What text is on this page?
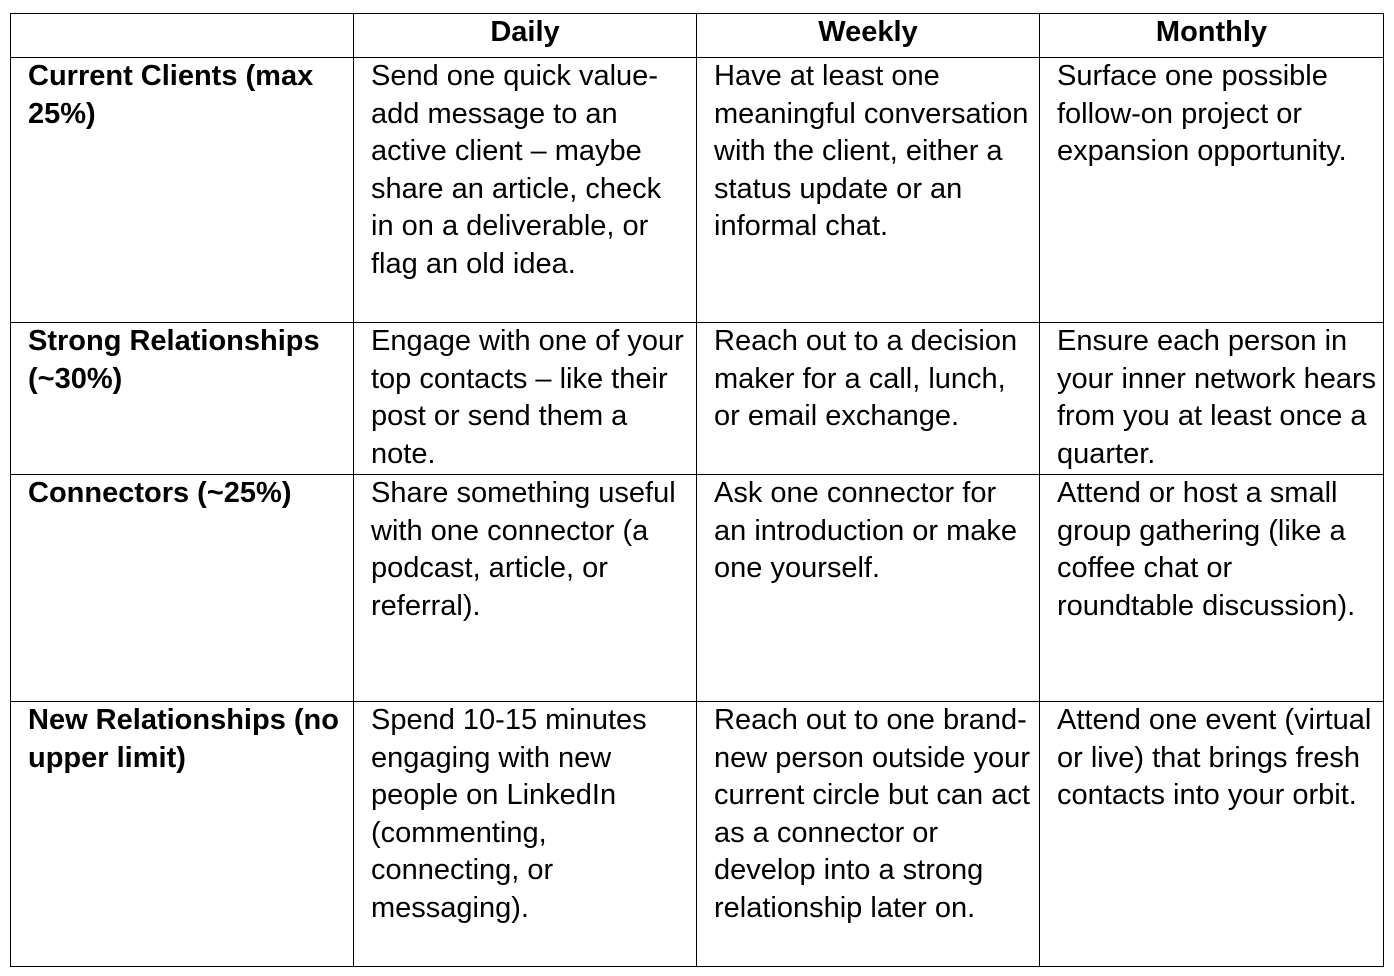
	Daily	Weekly	Monthly
Current Clients (max 25%)	Send one quick value-add message to an active client – maybe share an article, check in on a deliverable, or flag an old idea.	Have at least one meaningful conversation with the client, either a status update or an informal chat.	Surface one possible follow-on project or expansion opportunity.
Strong Relationships (~30%)	Engage with one of your top contacts – like their post or send them a note.	Reach out to a decision maker for a call, lunch, or email exchange.	Ensure each person in your inner network hears from you at least once a quarter.
Connectors (~25%)	Share something useful with one connector (a podcast, article, or referral).	Ask one connector for an introduction or make one yourself.	Attend or host a small group gathering (like a coffee chat or roundtable discussion).
New Relationships (no upper limit)	Spend 10-15 minutes engaging with new people on LinkedIn (commenting, connecting, or messaging).	Reach out to one brand-new person outside your current circle but can act as a connector or develop into a strong relationship later on.	Attend one event (virtual or live) that brings fresh contacts into your orbit.
